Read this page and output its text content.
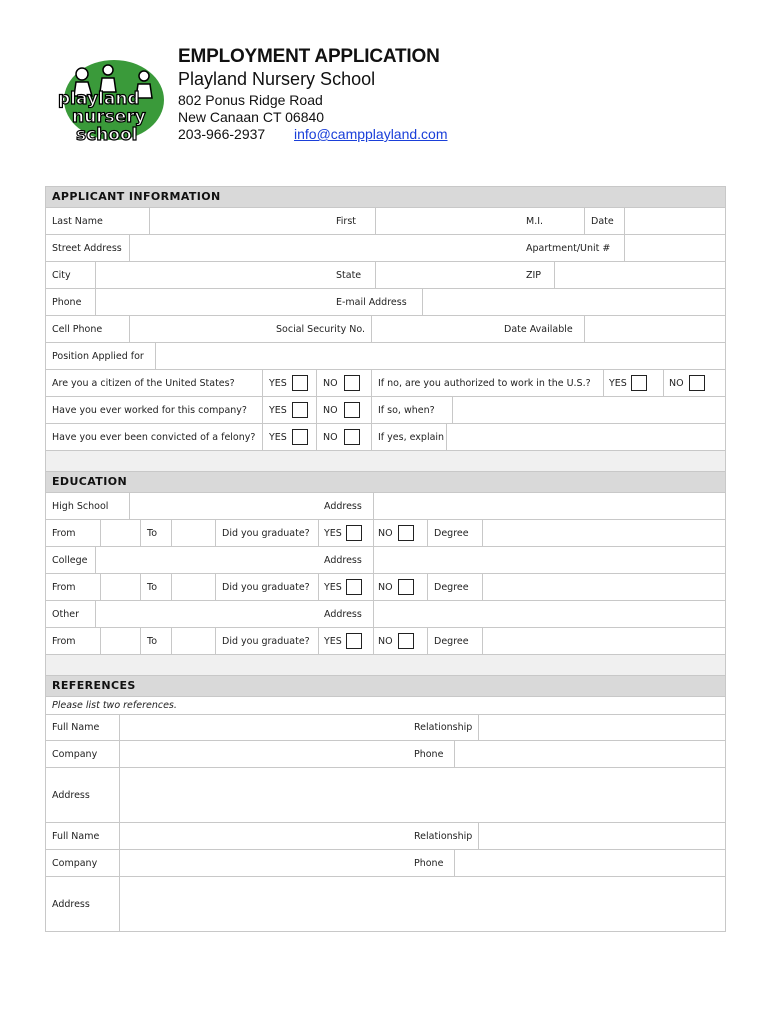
playland
nursery
school
EMPLOYMENT APPLICATION
Playland Nursery School
802 Ponus Ridge Road
New Canaan CT 06840
203-966-2937 info@campplayland.com
APPLICANT INFORMATION
Last Name	First	M.I.	Date
Street Address	Apartment/Unit #
City	State	ZIP
Phone	E-mail Address
Cell Phone	Social Security No.	Date Available
Position Applied for
Are you a citizen of the United States?	YES	NO	If no, are you authorized to work in the U.S.? YES	NO
Have you ever worked for this company? YES	NO	If so, when?
Have you ever been convicted of a felony? YES	NO	If yes, explain
EDUCATION
High School	Address
From	To	Did you graduate? YES	NO	Degree
College	Address
From	To	Did you graduate? YES	NO	Degree
Other	Address
From	To	Did you graduate? YES	NO	Degree
REFERENCES
Please list two references.
Full Name	Relationship
Company	Phone
Address
Full Name	Relationship
Company	Phone
Address
